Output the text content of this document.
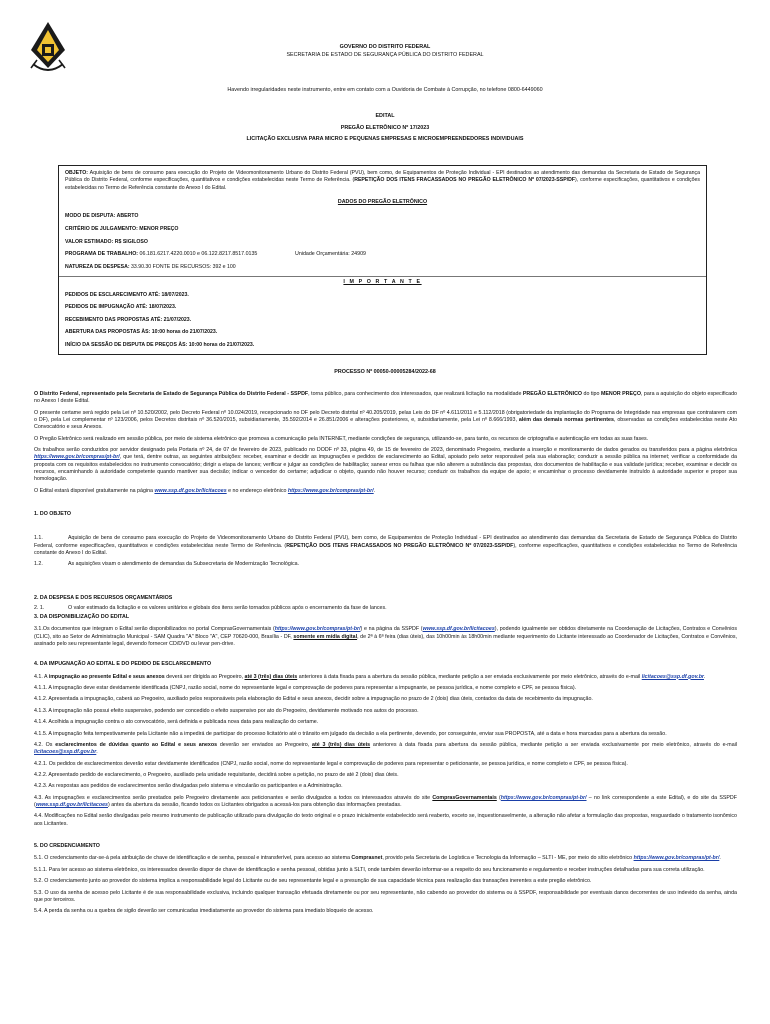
GOVERNO DO DISTRITO FEDERAL
SECRETARIA DE ESTADO DE SEGURANÇA PÚBLICA DO DISTRITO FEDERAL
Havendo irregularidades neste instrumento, entre em contato com a Ouvidoria de Combate à Corrupção, no telefone 0800-6449060
EDITAL
PREGÃO ELETRÔNICO Nº 17/2023
LICITAÇÃO EXCLUSIVA PARA MICRO E PEQUENAS EMPRESAS E MICROEMPREENDEDORES INDIVIDUAIS

OBJETO: Aquisição de bens de consumo para execução do Projeto de Videomonitoramento Urbano do Distrito Federal (PVU), bem como, de Equipamentos de Proteção Individual - EPI destinados ao atendimento das demandas da Secretaria de Estado de Segurança Pública do Distrito Federal, conforme especificações, quantitativos e condições estabelecidas neste Termo de Referência. (REPETIÇÃO DOS ITENS FRACASSADOS NO PREGÃO ELETRÔNICO Nº 07/2023-SSP/DF), conforme especificações, quantitativos e condições estabelecidas no Termo de Referência constante do Anexo I do Edital.

DADOS DO PREGÃO ELETRÔNICO

MODO DE DISPUTA: ABERTO

CRITÉRIO DE JULGAMENTO: MENOR PREÇO

VALOR ESTIMADO: R$ SIGILOSO

PROGRAMA DE TRABALHO: 06.181.6217.4220.0010 e 06.122.8217.8517.0135	Unidade Orçamentária: 24909

NATUREZA DE DESPESA: 33.90.30 FONTE DE RECURSOS: 392 e 100

I M P O R T A N T E

PEDIDOS DE ESCLARECIMENTO ATÉ: 18/07/2023.

PEDIDOS DE IMPUGNAÇÃO ATÉ: 18/07/2023.

RECEBIMENTO DAS PROPOSTAS ATÉ: 21/07/2023.

ABERTURA DAS PROPOSTAS ÀS: 10:00 horas do 21/07/2023.

INÍCIO DA SESSÃO DE DISPUTA DE PREÇOS ÀS: 10:00 horas do 21/07/2023.

PROCESSO Nº 00050-00005284/2022-68

O Distrito Federal, representado pela Secretaria de Estado de Segurança Pública do Distrito Federal - SSPDF, torna público, para conhecimento dos interessados, que realizará licitação na modalidade PREGÃO ELETRÔNICO do tipo MENOR PREÇO, para a aquisição do objeto especificado no Anexo I deste Edital.

O presente certame será regido pela Lei nº 10.520/2002, pelo Decreto Federal nº 10.024/2019, recepcionado no DF pelo Decreto distrital nº 40.205/2019, pelas Leis do DF nº 4.611/2011 e 5.112/2018 (obrigatoriedade da implantação do Programa de Integridade nas empresas que contratarem com o DF), pela Lei complementar nº 123/2006, pelos Decretos distritais nº 36.520/2015, subsidiariamente, 35.592/2014 e 26.851/2006 e alterações posteriores, e, subsidiariamente, pela Lei nº 8.666/1993, além das demais normas pertinentes, observadas as condições estabelecidas neste Ato Convocatório e seus Anexos.

O Pregão Eletrônico será realizado em sessão pública, por meio de sistema eletrônico que promova a comunicação pela INTERNET, mediante condições de segurança, utilizando-se, para tanto, os recursos de criptografia e autenticação em todas as suas fases.

Os trabalhos serão conduzidos por servidor designado pela Portaria nº 24, de 07 de fevereiro de 2023, publicado no DODF nº 33, página 49, de 15 de fevereiro de 2023, denominado Pregoeiro, mediante a inserção e monitoramento de dados gerados ou transferidos para a página eletrônica https://www.gov.br/compras/pt-br/, que terá, dentre outras, as seguintes atribuições: receber, examinar e decidir as impugnações e pedidos de esclarecimento ao Edital, apoiado pelo setor responsável pela sua elaboração; conduzir a sessão pública na internet; verificar a conformidade da proposta com os requisitos estabelecidos no instrumento convocatório; dirigir a etapa de lances; verificar e julgar as condições de habilitação; sanear erros ou falhas que não alterem a substância das propostas, dos documentos de habilitação e sua validade jurídica; receber, examinar e decidir os recursos, encaminhando à autoridade competente quando mantiver sua decisão; indicar o vencedor do certame; adjudicar o objeto, quando não houver recurso; conduzir os trabalhos da equipe de apoio; e encaminhar o processo devidamente instruído à autoridade superior e propor sua homologação.

O Edital estará disponível gratuitamente na página www.ssp.df.gov.br/licitacoes e no endereço eletrônico https://www.gov.br/compras/pt-br/.

1. DO OBJETO

1.1.	Aquisição de bens de consumo para execução do Projeto de Videomonitoramento Urbano do Distrito Federal (PVU), bem como, de Equipamentos de Proteção Individual - EPI destinados ao atendimento das demandas da Secretaria de Estado de Segurança Pública do Distrito Federal, conforme especificações, quantitativos e condições estabelecidas neste Termo de Referência. (REPETIÇÃO DOS ITENS FRACASSADOS NO PREGÃO ELETRÔNICO Nº 07/2023-SSP/DF), conforme especificações, quantitativos e condições estabelecidas no Termo de Referência constante do Anexo I do Edital.

1.2.	As aquisições visam o atendimento de demandas da Subsecretaria de Modernização Tecnológica.

2. DA DESPESA E DOS RECURSOS ORÇAMENTÁRIOS

2. 1.	O valor estimado da licitação e os valores unitários e globais dos itens serão tornados públicos após o encerramento da fase de lances.

3. DA DISPONIBILIZAÇÃO DO EDITAL

3.1.Os documentos que integram o Edital serão disponibilizados no portal ComprasGovernamentais (https://www.gov.br/compras/pt-br/) e na página da SSPDF (www.ssp.df.gov.br/licitacoes), podendo igualmente ser obtidos diretamente na Coordenação de Licitações, Contratos e Convênios (CLIC), sito ao Setor de Administração Municipal - SAM Quadra "A" Bloco "A", CEP 70620-000, Brasília - DF, somente em mídia digital, de 2ª à 6ª feira (dias úteis), das 10h00min às 18h00min mediante requerimento do Licitante interessado ao Coordenador de Licitações, Contratos e Convênios, assinado pelo seu representante legal, devendo fornecer CD/DVD ou levar pen-drive.

4. DA IMPUGNAÇÃO AO EDITAL E DO PEDIDO DE ESCLARECIMENTO

4.1. A impugnação ao presente Edital e seus anexos deverá ser dirigida ao Pregoeiro, até 3 (três) dias úteis anteriores à data fixada para a abertura da sessão pública, mediante petição a ser enviada exclusivamente por meio eletrônico, através do e-mail licitacoes@ssp.df.gov.br.

4.1.1. A impugnação deve estar devidamente identificada (CNPJ, razão social, nome do representante legal e comprovação de poderes para representar a impugnante, se pessoa jurídica, e nome completo e CPF, se pessoa física).

4.1.2. Apresentada a impugnação, caberá ao Pregoeiro, auxiliado pelos responsáveis pela elaboração do Edital e seus anexos, decidir sobre a impugnação no prazo de 2 (dois) dias úteis, contados da data de recebimento da impugnação.

4.1.3. A impugnação não possui efeito suspensivo, podendo ser concedido o efeito suspensivo por ato do Pregoeiro, devidamente motivado nos autos do processo.

4.1.4. Acolhida a impugnação contra o ato convocatório, será definida e publicada nova data para realização do certame.

4.1.5. A impugnação feita tempestivamente pela Licitante não a impedirá de participar do processo licitatório até o trânsito em julgado da decisão a ela pertinente, devendo, por conseguinte, enviar sua PROPOSTA, até a data e hora marcadas para a abertura da sessão.

4.2. Os esclarecimentos de dúvidas quanto ao Edital e seus anexos deverão ser enviados ao Pregoeiro, até 3 (três) dias úteis anteriores à data fixada para abertura da sessão pública, mediante petição a ser enviada exclusivamente por meio eletrônico, através do e-mail licitacoes@ssp.df.gov.br.

4.2.1. Os pedidos de esclarecimentos deverão estar devidamente identificados (CNPJ, razão social, nome do representante legal e comprovação de poderes para representar o peticionante, se pessoa jurídica, e nome completo e CPF, se pessoa física).

4.2.2. Apresentado pedido de esclarecimento, o Pregoeiro, auxiliado pela unidade requisitante, decidirá sobre a petição, no prazo de até 2 (dois) dias úteis.

4.2.3. As respostas aos pedidos de esclarecimentos serão divulgadas pelo sistema e vincularão os participantes e a Administração.

4.3. As impugnações e esclarecimentos serão prestados pelo Pregoeiro diretamente aos peticionantes e serão divulgados a todos os interessados através do site ComprasGovernamentais (https://www.gov.br/compras/pt-br/ – no link correspondente a este Edital), e do site da SSPDF (www.ssp.df.gov.br/licitacoes) antes da abertura da sessão, ficando todos os Licitantes obrigados a acessá-los para obtenção das informações prestadas.

4.4. Modificações no Edital serão divulgadas pelo mesmo instrumento de publicação utilizado para divulgação do texto original e o prazo inicialmente estabelecido será reaberto, exceto se, inquestionavelmente, a alteração não afetar a formulação das propostas, resguardado o tratamento isonômico aos Licitantes.

5. DO CREDENCIAMENTO

5.1. O credenciamento dar-se-á pela atribuição de chave de identificação e de senha, pessoal e intransferível, para acesso ao sistema Comprasnet, provido pela Secretaria de Logística e Tecnologia da Informação – SLTI - ME, por meio do sítio eletrônico https://www.gov.br/compras/pt-br/.

5.1.1. Para ter acesso ao sistema eletrônico, os interessados deverão dispor de chave de identificação e senha pessoal, obtidas junto à SLTI, onde também deverão informar-se a respeito do seu funcionamento e regulamento e receber instruções detalhadas para sua correta utilização.

5.2. O credenciamento junto ao provedor do sistema implica a responsabilidade legal do Licitante ou de seu representante legal e a presunção de sua capacidade técnica para realização das transações inerentes a este pregão eletrônico.

5.3. O uso da senha de acesso pelo Licitante é de sua responsabilidade exclusiva, incluindo qualquer transação efetuada diretamente ou por seu representante, não cabendo ao provedor do sistema ou à SSPDF, responsabilidade por eventuais danos decorrentes de uso indevido da senha, ainda que por terceiros.

5.4. A perda da senha ou a quebra de sigilo deverão ser comunicadas imediatamente ao provedor do sistema para imediato bloqueio de acesso.
